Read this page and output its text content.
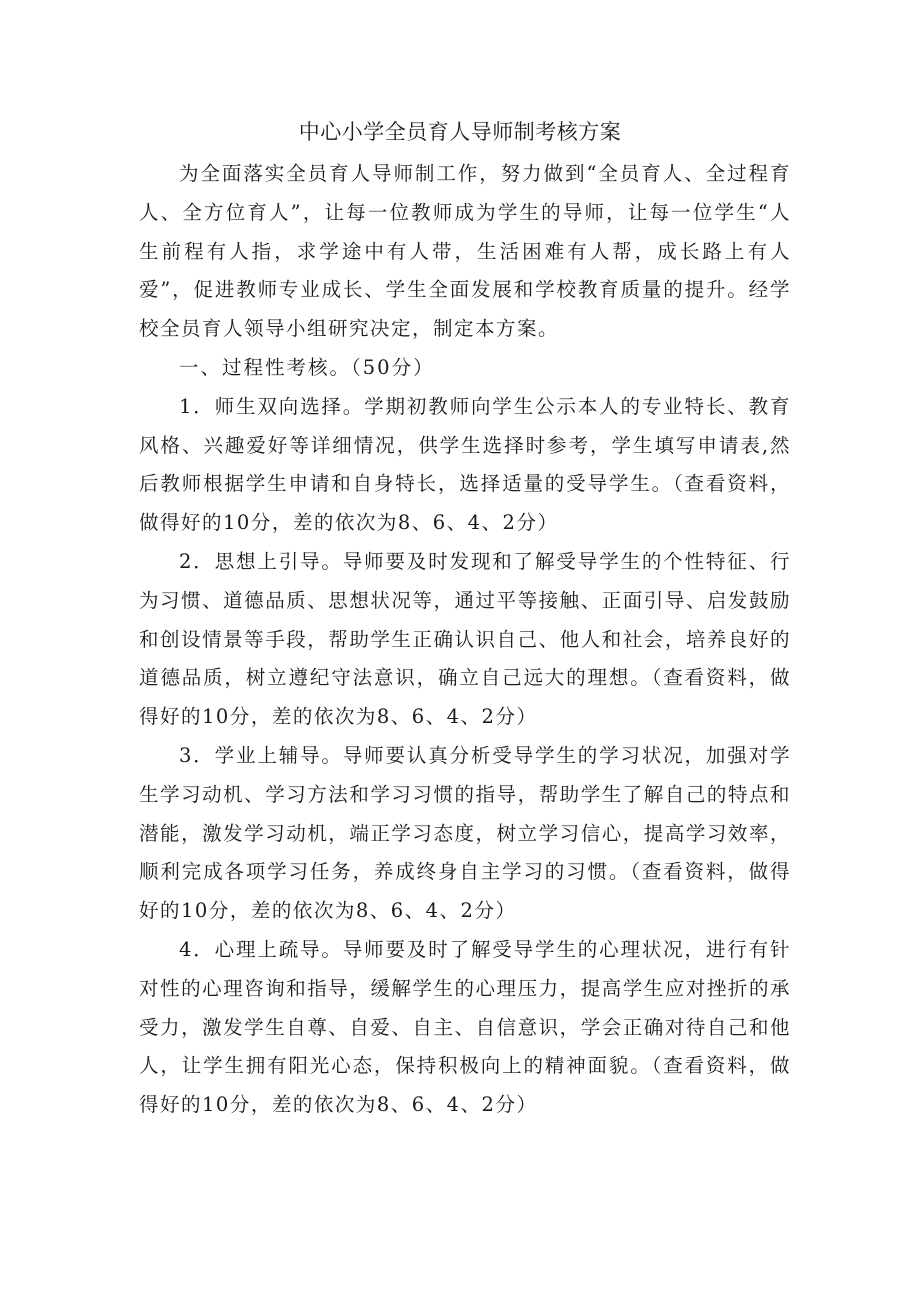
中心小学全员育人导师制考核方案

为全面落实全员育人导师制工作，努力做到“全员育人、全过程育人、全方位育人”，让每一位教师成为学生的导师，让每一位学生“人生前程有人指，求学途中有人带，生活困难有人帮，成长路上有人爱”，促进教师专业成长、学生全面发展和学校教育质量的提升。经学校全员育人领导小组研究决定，制定本方案。

一、过程性考核。（50分）

1．师生双向选择。学期初教师向学生公示本人的专业特长、教育风格、兴趣爱好等详细情况，供学生选择时参考，学生填写申请表,然后教师根据学生申请和自身特长，选择适量的受导学生。（查看资料，做得好的10分，差的依次为8、6、4、2分）

2．思想上引导。导师要及时发现和了解受导学生的个性特征、行为习惯、道德品质、思想状况等，通过平等接触、正面引导、启发鼓励和创设情景等手段，帮助学生正确认识自己、他人和社会，培养良好的道德品质，树立遵纪守法意识，确立自己远大的理想。（查看资料，做得好的10分，差的依次为8、6、4、2分）

3．学业上辅导。导师要认真分析受导学生的学习状况，加强对学生学习动机、学习方法和学习习惯的指导，帮助学生了解自己的特点和潜能，激发学习动机，端正学习态度，树立学习信心，提高学习效率，顺利完成各项学习任务，养成终身自主学习的习惯。（查看资料，做得好的10分，差的依次为8、6、4、2分）

4．心理上疏导。导师要及时了解受导学生的心理状况，进行有针对性的心理咨询和指导，缓解学生的心理压力，提高学生应对挫折的承受力，激发学生自尊、自爱、自主、自信意识，学会正确对待自己和他人，让学生拥有阳光心态，保持积极向上的精神面貌。（查看资料，做得好的10分，差的依次为8、6、4、2分）
